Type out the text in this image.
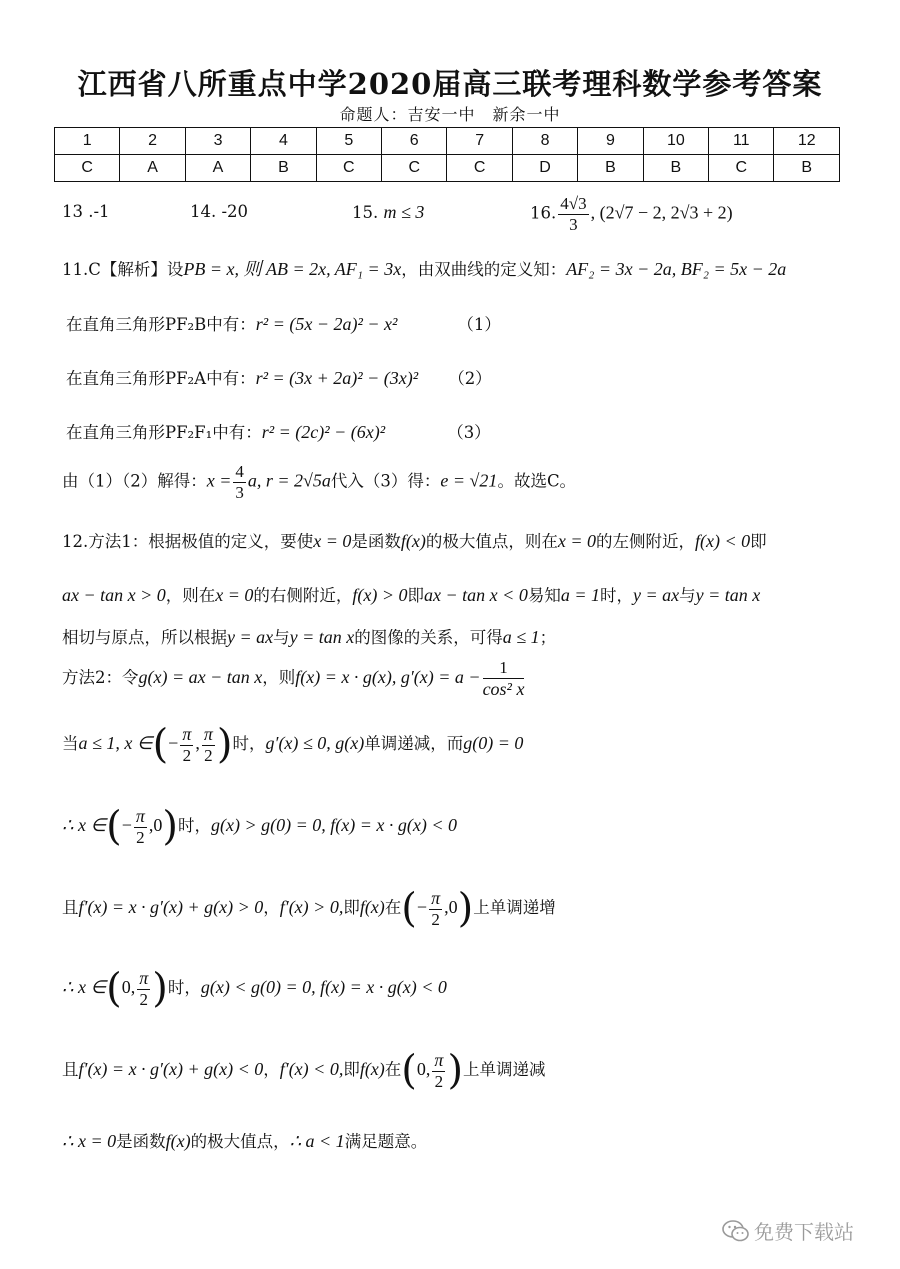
江西省八所重点中学2020届高三联考理科数学参考答案
命题人：吉安一中　新余一中
1	2	3	4	5	6	7	8	9	10	11	12
C	A	A	B	C	C	C	D	B	B	C	B
13 .-1	14. -20	15. m ≤ 3	16. $\frac{4√3}{3}$ , (2√7 − 2, 2√3 + 2)
11.C【解析】设PB = x, 则 AB = 2x, AF₁ = 3x，由双曲线的定义知：AF₂ = 3x − 2a, BF₂ = 5x − 2a
在直角三角形PF₂B中有：r² = (5x − 2a)² − x²	（1）
在直角三角形PF₂A中有：r² = (3x + 2a)² − (3x)² （2）
在直角三角形PF₂F₁中有：r² = (2c)² − (6x)²	（3）
由（1）（2）解得：$x = \frac{4}{3} a$, r = 2√5a代入（3）得：e = √21。故选C。
12.方法1：根据极值的定义，要使x = 0是函数f(x)的极大值点，则在x = 0的左侧附近，f(x) < 0即
ax − tan x > 0，则在x = 0的右侧附近，f(x) > 0即ax − tan x < 0易知a = 1时，y = ax与y = tan x
相切与原点，所以根据y = ax与y = tan x的图像的关系，可得a ≤ 1；
方法2：令g(x) = ax − tan x，则f(x) = x · g(x), $g'(x) = a - \frac{1}{\text{cos² x}}$
当a ≤ 1, x ∈(− $\frac{\pi}{2}$ , $\frac{\pi}{2}$ )时，g′(x) ≤ 0, g(x)单调递减，而g(0) = 0
∴ x ∈(− $\frac{\pi}{2} ,0$)时，g(x) > g(0) = 0, f(x) = x · g(x) < 0
且f′(x) = x · g′(x) + g(x) > 0，f′(x) > 0,即f(x)在(− $\frac{\pi}{2} ,0$)上单调递增
∴ x ∈(0, $\frac{\pi}{2}$ )时，g(x) < g(0) = 0, f(x) = x · g(x) < 0
且f′(x) = x · g′(x) + g(x) < 0，f′(x) < 0,即f(x)在(0, $\frac{\pi}{2}$ )上单调递减
∴ x = 0是函数f(x)的极大值点，∴ a < 1满足题意。
免费下载站
